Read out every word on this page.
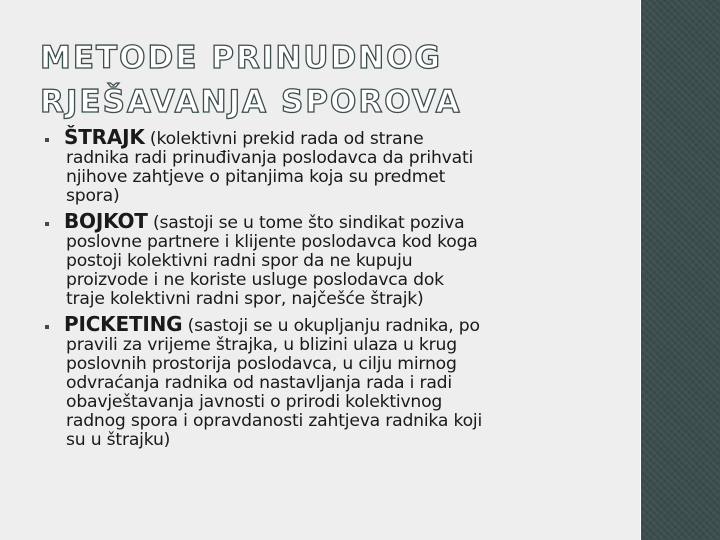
METODE PRINUDNOG
RJEŠAVANJA SPOROVA
ŠTRAJK (kolektivni prekid rada od strane
radnika radi prinuđivanja poslodavca da prihvati
njihove zahtjeve o pitanjima koja su predmet
spora)
BOJKOT (sastoji se u tome što sindikat poziva
poslovne partnere i klijente poslodavca kod koga
postoji kolektivni radni spor da ne kupuju
proizvode i ne koriste usluge poslodavca dok
traje kolektivni radni spor, najčešće štrajk)
PICKETING (sastoji se u okupljanju radnika, po
pravili za vrijeme štrajka, u blizini ulaza u krug
poslovnih prostorija poslodavca, u cilju mirnog
odvraćanja radnika od nastavljanja rada i radi
obavještavanja javnosti o prirodi kolektivnog
radnog spora i opravdanosti zahtjeva radnika koji
su u štrajku)
